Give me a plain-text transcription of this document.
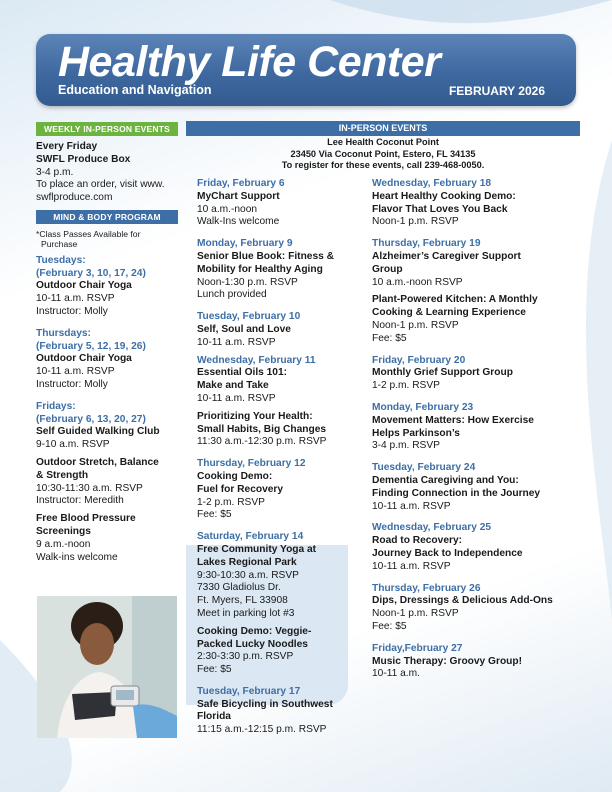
Healthy Life Center
Education and Navigation	FEBRUARY 2026
WEEKLY IN-PERSON EVENTS
Every Friday
SWFL Produce Box
3-4 p.m.
To place an order, visit www.
swflproduce.com
MIND & BODY PROGRAM
*Class Passes Available for
Purchase
Tuesdays:
(February 3, 10, 17, 24)
Outdoor Chair Yoga
10-11 a.m. RSVP
Instructor: Molly
Thursdays:
(February 5, 12, 19, 26)
Outdoor Chair Yoga
10-11 a.m. RSVP
Instructor: Molly
Fridays:
(February 6, 13, 20, 27)
Self Guided Walking Club
9-10 a.m. RSVP
Outdoor Stretch, Balance
& Strength
10:30-11:30 a.m. RSVP
Instructor: Meredith
Free Blood Pressure
Screenings
9 a.m.-noon
Walk-ins welcome
IN-PERSON EVENTS
Lee Health Coconut Point
23450 Via Coconut Point, Estero, FL 34135
To register for these events, call 239-468-0050.
Friday, February 6
MyChart Support
10 a.m.-noon
Walk-Ins welcome
Monday, February 9
Senior Blue Book: Fitness &
Mobility for Healthy Aging
Noon-1:30 p.m. RSVP
Lunch provided
Tuesday, February 10
Self, Soul and Love
10-11 a.m. RSVP
Wednesday, February 11
Essential Oils 101:
Make and Take
10-11 a.m. RSVP
Prioritizing Your Health:
Small Habits, Big Changes
11:30 a.m.-12:30 p.m. RSVP
Thursday, February 12
Cooking Demo:
Fuel for Recovery
1-2 p.m. RSVP
Fee: $5
Saturday, February 14
Free Community Yoga at
Lakes Regional Park
9:30-10:30 a.m. RSVP
7330 Gladiolus Dr.
Ft. Myers, FL 33908
Meet in parking lot #3
Cooking Demo: Veggie-
Packed Lucky Noodles
2:30-3:30 p.m. RSVP
Fee: $5
Tuesday, February 17
Safe Bicycling in Southwest
Florida
11:15 a.m.-12:15 p.m. RSVP
Wednesday, February 18
Heart Healthy Cooking Demo:
Flavor That Loves You Back
Noon-1 p.m. RSVP
Thursday, February 19
Alzheimer’s Caregiver Support
Group
10 a.m.-noon RSVP
Plant-Powered Kitchen: A Monthly
Cooking & Learning Experience
Noon-1 p.m. RSVP
Fee: $5
Friday, February 20
Monthly Grief Support Group
1-2 p.m. RSVP
Monday, February 23
Movement Matters: How Exercise
Helps Parkinson’s
3-4 p.m. RSVP
Tuesday, February 24
Dementia Caregiving and You:
Finding Connection in the Journey
10-11 a.m. RSVP
Wednesday, February 25
Road to Recovery:
Journey Back to Independence
10-11 a.m. RSVP
Thursday, February 26
Dips, Dressings & Delicious Add-Ons
Noon-1 p.m. RSVP
Fee: $5
Friday,February 27
Music Therapy: Groovy Group!
10-11 a.m.
